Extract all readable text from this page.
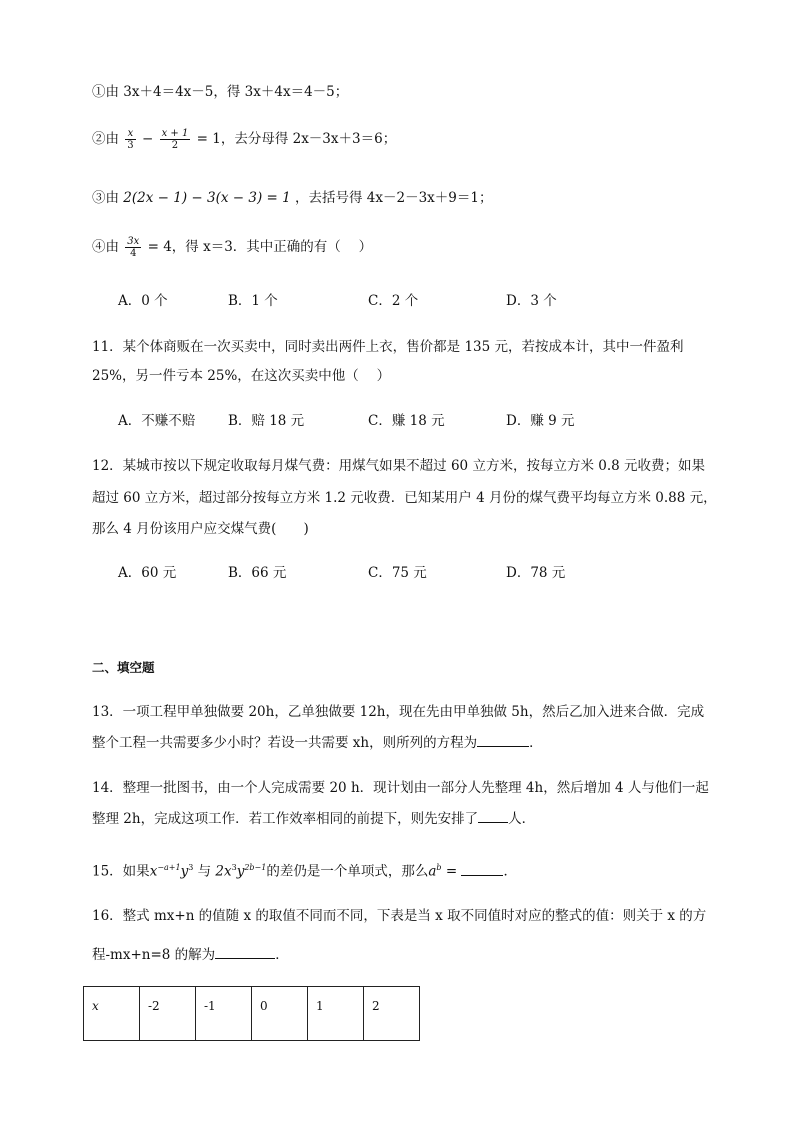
①由 3x＋4＝4x－5，得 3x＋4x＝4－5；
②由 $\frac{x}{3} - \frac{x + 1}{2} = 1$，去分母得 2x－3x＋3＝6；
③由 2(2x − 1) − 3(x − 3) = 1 ，去括号得 4x－2－3x＋9＝1；
④由 $\frac{3x}{4} = 4$，得 x＝3．其中正确的有（　 ）
A．0 个	B．1 个	C．2 个	D．3 个
11．某个体商贩在一次买卖中，同时卖出两件上衣，售价都是 135 元，若按成本计，其中一件盈利
25%，另一件亏本 25%，在这次买卖中他（　 ）
A．不赚不赔 B．赔 18 元	C．赚 18 元	D．赚 9 元
12．某城市按以下规定收取每月煤气费：用煤气如果不超过 60 立方米，按每立方米 0.8 元收费；如果
超过 60 立方米，超过部分按每立方米 1.2 元收费．已知某用户 4 月份的煤气费平均每立方米 0.88 元，
那么 4 月份该用户应交煤气费(　　)
A．60 元	B．66 元	C．75 元	D．78 元
二、填空题
13．一项工程甲单独做要 20h，乙单独做要 12h，现在先由甲单独做 5h，然后乙加入进来合做．完成
整个工程一共需要多少小时？若设一共需要 xh，则所列的方程为	．
14．整理一批图书，由一个人完成需要 20 h．现计划由一部分人先整理 4h，然后增加 4 人与他们一起
整理 2h，完成这项工作．若工作效率相同的前提下，则先安排了 人．
15．如果$x^{-a+1}y^3$ 与 $2x^3y^{2b-1}$的差仍是一个单项式，那么$a^b$ =	．
16．整式 mx+n 的值随 x 的取值不同而不同，下表是当 x 取不同值时对应的整式的值：则关于 x 的方
程-mx+n=8 的解为	．
x	-2	-1	0	1	2
